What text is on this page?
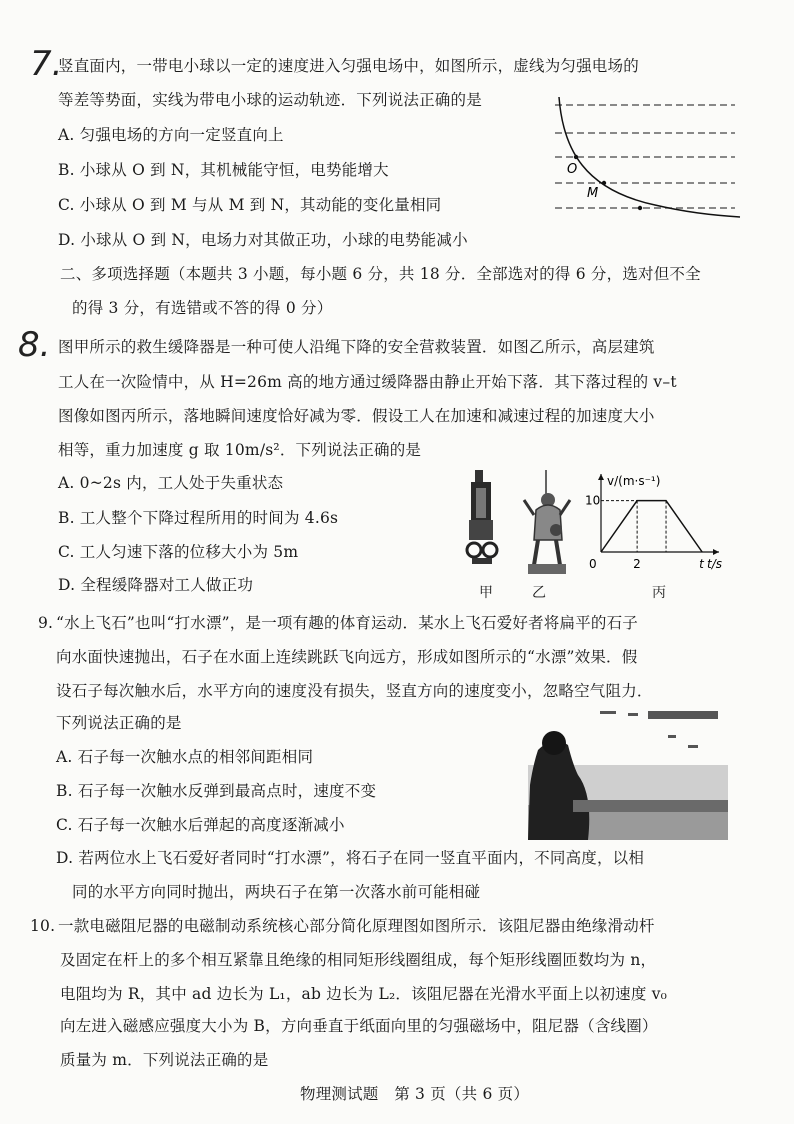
7.
竖直面内，一带电小球以一定的速度进入匀强电场中，如图所示，虚线为匀强电场的
等差等势面，实线为带电小球的运动轨迹．下列说法正确的是
A. 匀强电场的方向一定竖直向上
B. 小球从 O 到 N，其机械能守恒，电势能增大
C. 小球从 O 到 M 与从 M 到 N，其动能的变化量相同
D. 小球从 O 到 N，电场力对其做正功，小球的电势能减小
O
M
二、多项选择题（本题共 3 小题，每小题 6 分，共 18 分．全部选对的得 6 分，选对但不全
的得 3 分，有选错或不答的得 0 分）
8. 图甲所示的救生缓降器是一种可使人沿绳下降的安全营救装置．如图乙所示，高层建筑
工人在一次险情中，从 H=26m 高的地方通过缓降器由静止开始下落．其下落过程的 v–t
图像如图丙所示，落地瞬间速度恰好减为零．假设工人在加速和减速过程的加速度大小
相等，重力加速度 g 取 10m/s²．下列说法正确的是
A. 0~2s 内，工人处于失重状态
B. 工人整个下降过程所用的时间为 4.6s
C. 工人匀速下落的位移大小为 5m
D. 全程缓降器对工人做正功	甲	乙
v/(m·s⁻¹)
t/s
0	2	t
10
丙
9. “水上飞石”也叫“打水漂”，是一项有趣的体育运动．某水上飞石爱好者将扁平的石子
向水面快速抛出，石子在水面上连续跳跃飞向远方，形成如图所示的“水漂”效果．假
设石子每次触水后，水平方向的速度没有损失，竖直方向的速度变小，忽略空气阻力．
下列说法正确的是
A. 石子每一次触水点的相邻间距相同
B. 石子每一次触水反弹到最高点时，速度不变
C. 石子每一次触水后弹起的高度逐渐减小
D. 若两位水上飞石爱好者同时“打水漂”，将石子在同一竖直平面内，不同高度，以相
同的水平方向同时抛出，两块石子在第一次落水前可能相碰
10. 一款电磁阻尼器的电磁制动系统核心部分简化原理图如图所示．该阻尼器由绝缘滑动杆
及固定在杆上的多个相互紧靠且绝缘的相同矩形线圈组成，每个矩形线圈匝数均为 n，
电阻均为 R，其中 ad 边长为 L₁，ab 边长为 L₂．该阻尼器在光滑水平面上以初速度 v₀
向左进入磁感应强度大小为 B，方向垂直于纸面向里的匀强磁场中，阻尼器（含线圈）
质量为 m．下列说法正确的是
物理测试题　第 3 页（共 6 页）
